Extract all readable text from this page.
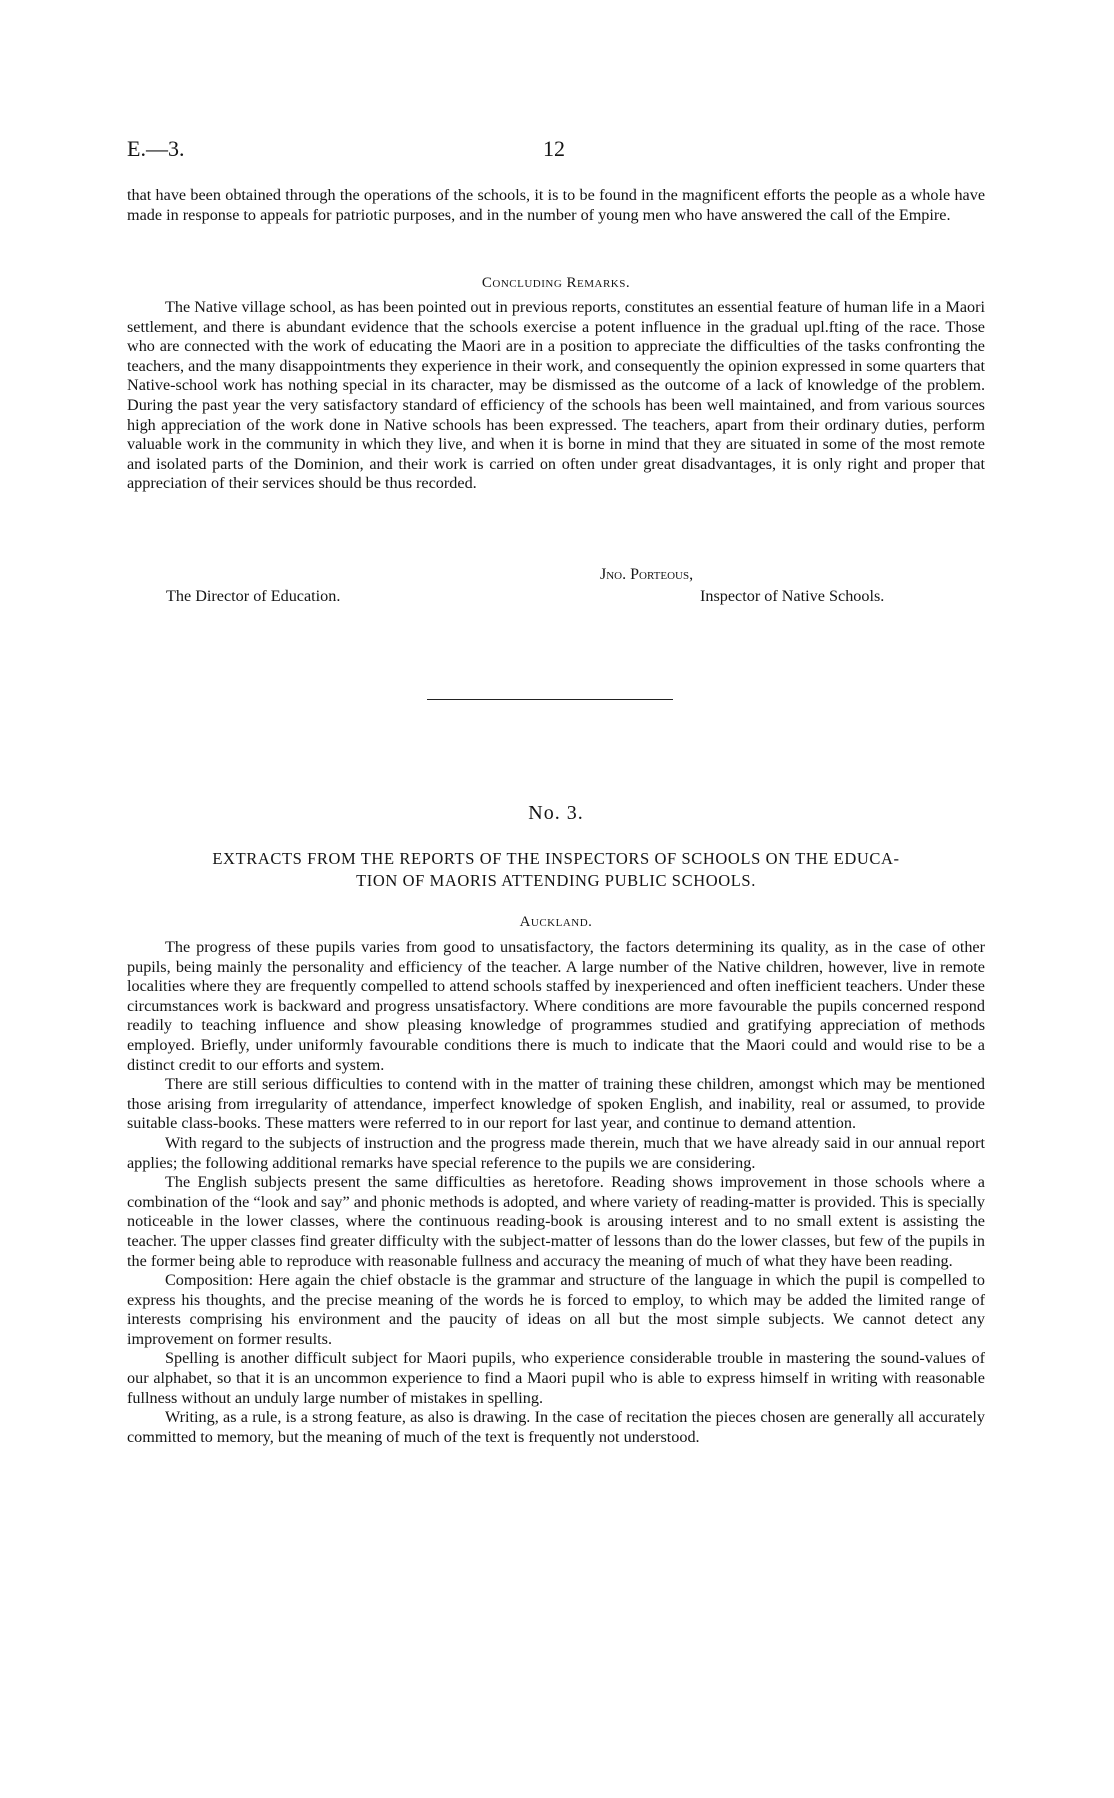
E.—3.	12

that have been obtained through the operations of the schools, it is to be found in the magnificent efforts the people as a whole have made in response to appeals for patriotic purposes, and in the number of young men who have answered the call of the Empire.

Concluding Remarks.

The Native village school, as has been pointed out in previous reports, constitutes an essential feature of human life in a Maori settlement, and there is abundant evidence that the schools exercise a potent influence in the gradual upl.fting of the race. Those who are connected with the work of educating the Maori are in a position to appreciate the difficulties of the tasks confronting the teachers, and the many disappointments they experience in their work, and consequently the opinion expressed in some quarters that Native-school work has nothing special in its character, may be dismissed as the outcome of a lack of knowledge of the problem. During the past year the very satisfactory standard of efficiency of the schools has been well maintained, and from various sources high appreciation of the work done in Native schools has been expressed. The teachers, apart from their ordinary duties, perform valuable work in the community in which they live, and when it is borne in mind that they are situated in some of the most remote and isolated parts of the Dominion, and their work is carried on often under great disadvantages, it is only right and proper that appreciation of their services should be thus recorded.

Jno. Porteous,
The Director of Education.	Inspector of Native Schools.
No. 3.
EXTRACTS FROM THE REPORTS OF THE INSPECTORS OF SCHOOLS ON THE EDUCA-
TION OF MAORIS ATTENDING PUBLIC SCHOOLS.
Auckland.

The progress of these pupils varies from good to unsatisfactory, the factors determining its quality, as in the case of other pupils, being mainly the personality and efficiency of the teacher. A large number of the Native children, however, live in remote localities where they are frequently compelled to attend schools staffed by inexperienced and often inefficient teachers. Under these circumstances work is backward and progress unsatisfactory. Where conditions are more favourable the pupils concerned respond readily to teaching influence and show pleasing knowledge of programmes studied and gratifying appreciation of methods employed. Briefly, under uniformly favourable conditions there is much to indicate that the Maori could and would rise to be a distinct credit to our efforts and system.

There are still serious difficulties to contend with in the matter of training these children, amongst which may be mentioned those arising from irregularity of attendance, imperfect knowledge of spoken English, and inability, real or assumed, to provide suitable class-books. These matters were referred to in our report for last year, and continue to demand attention.

With regard to the subjects of instruction and the progress made therein, much that we have already said in our annual report applies; the following additional remarks have special reference to the pupils we are considering.

The English subjects present the same difficulties as heretofore. Reading shows improvement in those schools where a combination of the “look and say” and phonic methods is adopted, and where variety of reading-matter is provided. This is specially noticeable in the lower classes, where the continuous reading-book is arousing interest and to no small extent is assisting the teacher. The upper classes find greater difficulty with the subject-matter of lessons than do the lower classes, but few of the pupils in the former being able to reproduce with reasonable fullness and accuracy the meaning of much of what they have been reading.

Composition: Here again the chief obstacle is the grammar and structure of the language in which the pupil is compelled to express his thoughts, and the precise meaning of the words he is forced to employ, to which may be added the limited range of interests comprising his environment and the paucity of ideas on all but the most simple subjects. We cannot detect any improvement on former results.

Spelling is another difficult subject for Maori pupils, who experience considerable trouble in mastering the sound-values of our alphabet, so that it is an uncommon experience to find a Maori pupil who is able to express himself in writing with reasonable fullness without an unduly large number of mistakes in spelling.

Writing, as a rule, is a strong feature, as also is drawing. In the case of recitation the pieces chosen are generally all accurately committed to memory, but the meaning of much of the text is frequently not understood.
